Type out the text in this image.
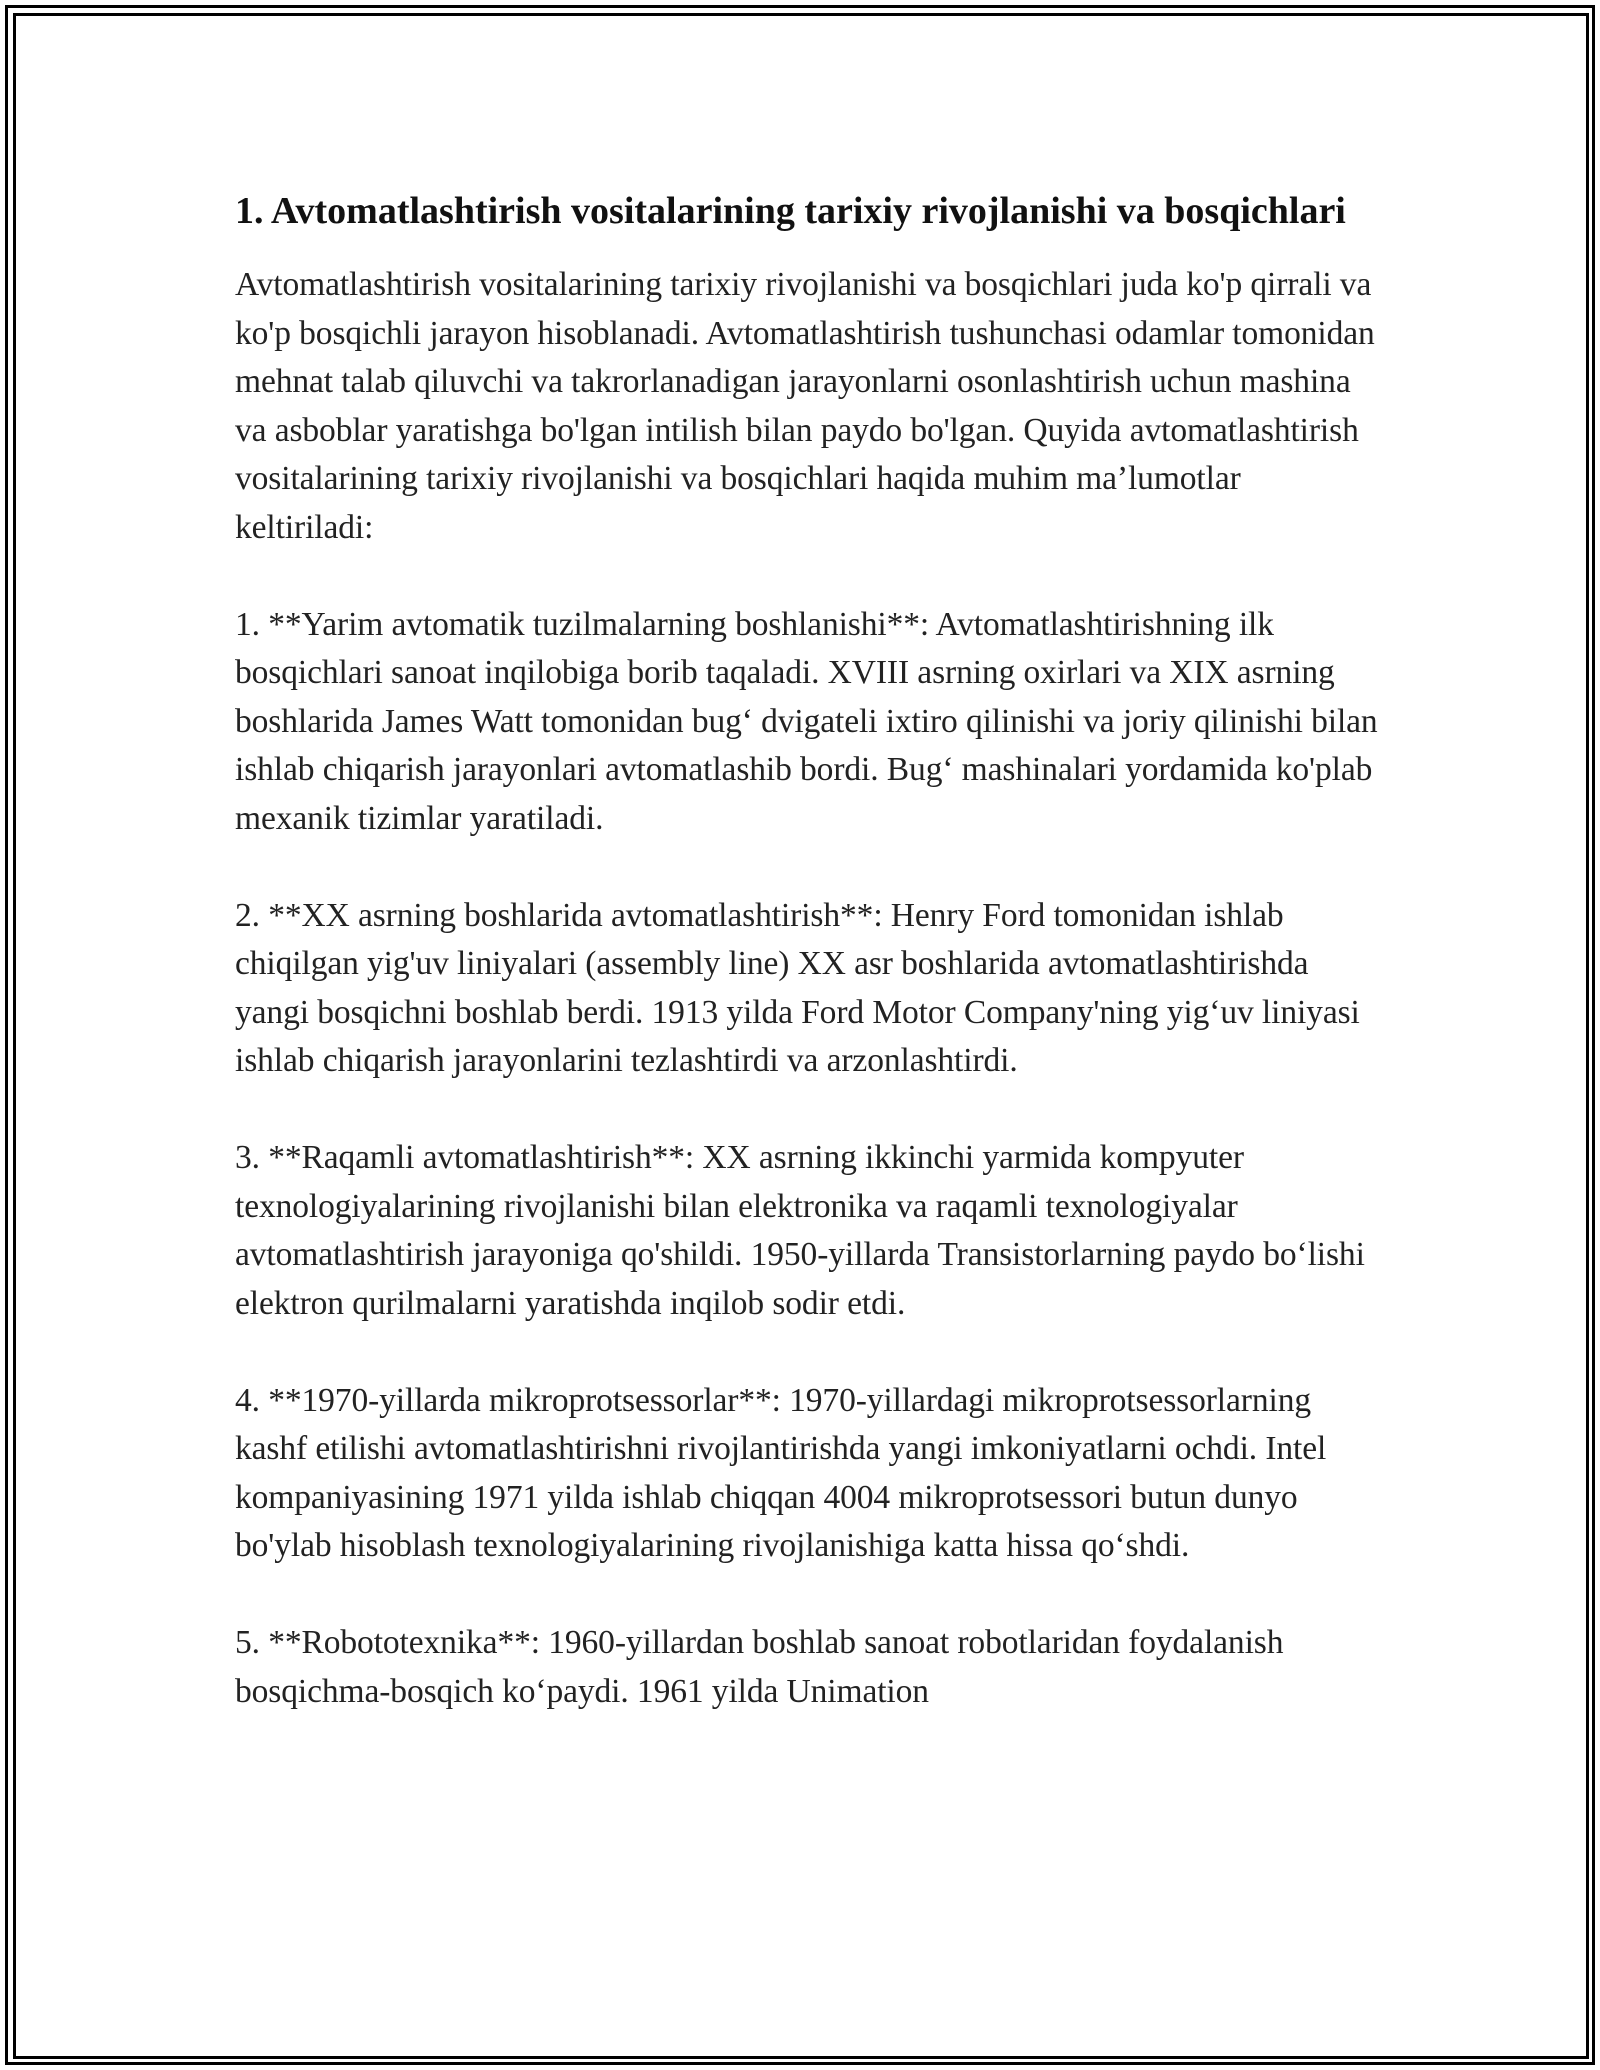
1. Avtomatlashtirish vositalarining tarixiy rivojlanishi va bosqichlari

Avtomatlashtirish vositalarining tarixiy rivojlanishi va bosqichlari juda ko'p qirrali va ko'p bosqichli jarayon hisoblanadi. Avtomatlashtirish tushunchasi odamlar tomonidan mehnat talab qiluvchi va takrorlanadigan jarayonlarni osonlashtirish uchun mashina va asboblar yaratishga bo'lgan intilish bilan paydo bo'lgan. Quyida avtomatlashtirish vositalarining tarixiy rivojlanishi va bosqichlari haqida muhim ma’lumotlar keltiriladi:

1. **Yarim avtomatik tuzilmalarning boshlanishi**: Avtomatlashtirishning ilk bosqichlari sanoat inqilobiga borib taqaladi. XVIII asrning oxirlari va XIX asrning boshlarida James Watt tomonidan bug‘ dvigateli ixtiro qilinishi va joriy qilinishi bilan ishlab chiqarish jarayonlari avtomatlashib bordi. Bug‘ mashinalari yordamida ko'plab mexanik tizimlar yaratiladi.

2. **XX asrning boshlarida avtomatlashtirish**: Henry Ford tomonidan ishlab chiqilgan yig'uv liniyalari (assembly line) XX asr boshlarida avtomatlashtirishda yangi bosqichni boshlab berdi. 1913 yilda Ford Motor Company'ning yig‘uv liniyasi ishlab chiqarish jarayonlarini tezlashtirdi va arzonlashtirdi.

3. **Raqamli avtomatlashtirish**: XX asrning ikkinchi yarmida kompyuter texnologiyalarining rivojlanishi bilan elektronika va raqamli texnologiyalar avtomatlashtirish jarayoniga qo'shildi. 1950-yillarda Transistorlarning paydo bo‘lishi elektron qurilmalarni yaratishda inqilob sodir etdi.

4. **1970-yillarda mikroprotsessorlar**: 1970-yillardagi mikroprotsessorlarning kashf etilishi avtomatlashtirishni rivojlantirishda yangi imkoniyatlarni ochdi. Intel kompaniyasining 1971 yilda ishlab chiqqan 4004 mikroprotsessori butun dunyo bo'ylab hisoblash texnologiyalarining rivojlanishiga katta hissa qo‘shdi.

5. **Robototexnika**: 1960-yillardan boshlab sanoat robotlaridan foydalanish bosqichma-bosqich ko‘paydi. 1961 yilda Unimation
